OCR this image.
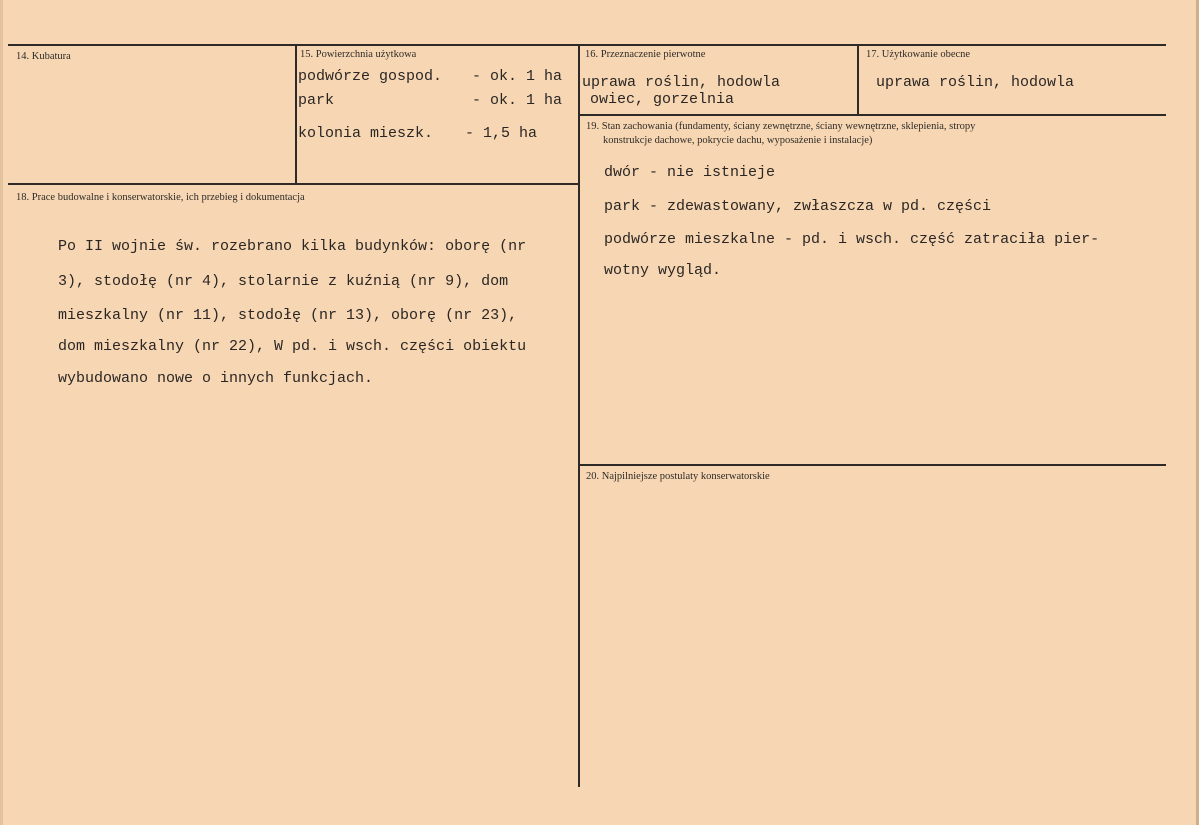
14. Kubatura	15. Powierzchnia użytkowa
podwórze gospod.	- ok. 1 ha
park	- ok. 1 ha
kolonia mieszk. - 1,5 ha
16. Przeznaczenie pierwotne
uprawa roślin, hodowla
owiec, gorzelnia
17. Użytkowanie obecne
uprawa roślin, hodowla
18. Prace budowalne i konserwatorskie, ich przebieg i dokumentacja
Po II wojnie św. rozebrano kilka budynków: oborę (nr
3), stodołę (nr 4), stolarnie z kuźnią (nr 9), dom
mieszkalny (nr 11), stodołę (nr 13), oborę (nr 23),
dom mieszkalny (nr 22), W pd. i wsch. części obiektu
wybudowano nowe o innych funkcjach.
19. Stan zachowania (fundamenty, ściany zewnętrzne, ściany wewnętrzne, sklepienia, stropy
konstrukcje dachowe, pokrycie dachu, wyposażenie i instalacje)
dwór - nie istnieje
park - zdewastowany, zwłaszcza w pd. części
podwórze mieszkalne - pd. i wsch. część zatraciła pier-
wotny wygląd.
20. Najpilniejsze postulaty konserwatorskie
